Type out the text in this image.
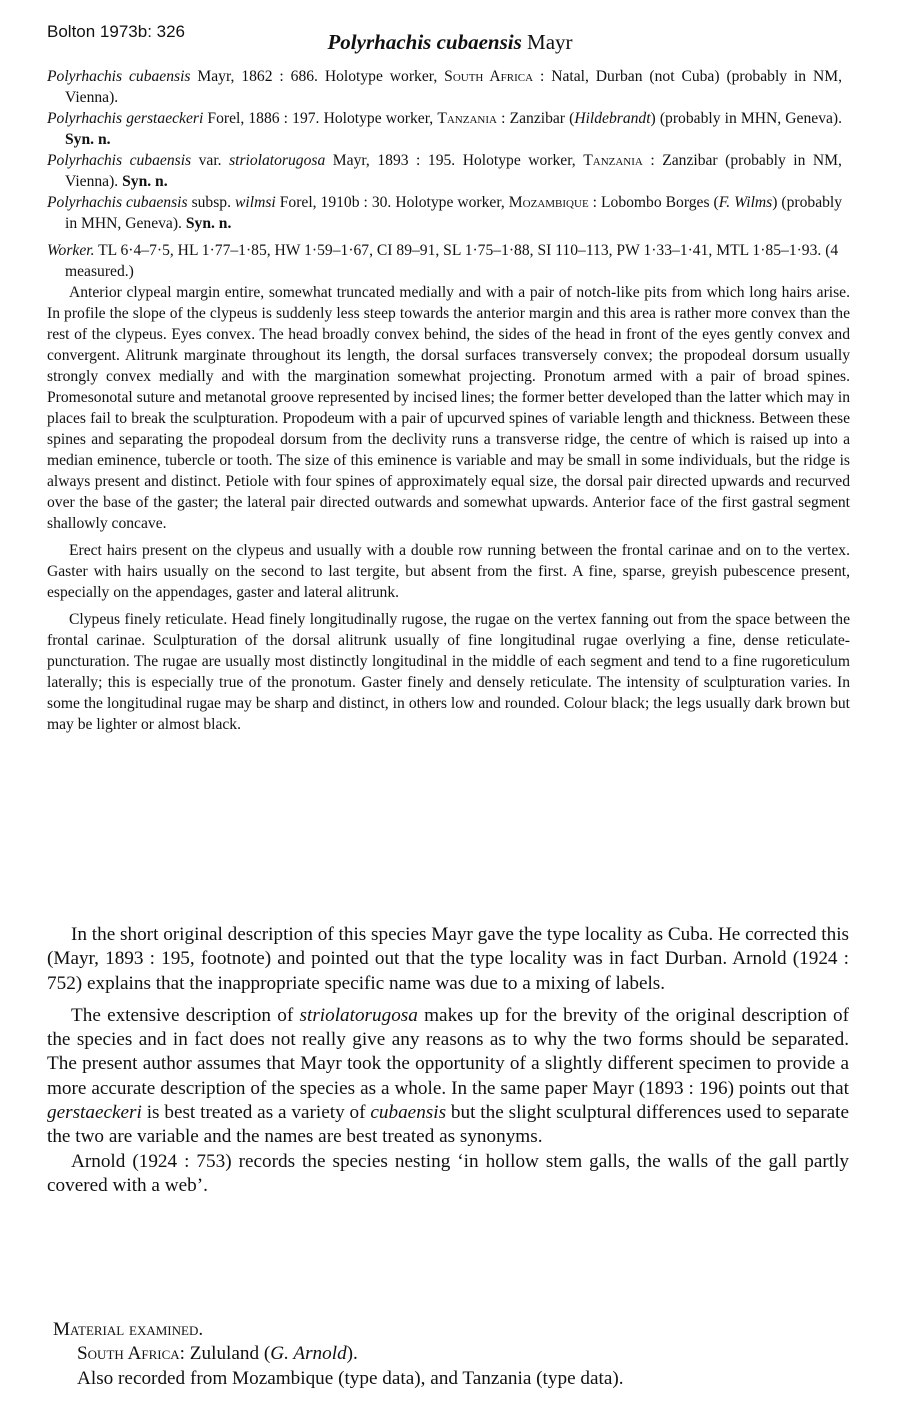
Bolton 1973b: 326	Polyrhachis cubaensis Mayr

Polyrhachis cubaensis Mayr, 1862 : 686. Holotype worker, South Africa : Natal, Durban (not Cuba) (probably in NM, Vienna).

Polyrhachis gerstaeckeri Forel, 1886 : 197. Holotype worker, Tanzania : Zanzibar (Hildebrandt) (probably in MHN, Geneva). Syn. n.

Polyrhachis cubaensis var. striolatorugosa Mayr, 1893 : 195. Holotype worker, Tanzania : Zanzibar (probably in NM, Vienna). Syn. n.

Polyrhachis cubaensis subsp. wilmsi Forel, 1910b : 30. Holotype worker, Mozambique : Lobombo Borges (F. Wilms) (probably in MHN, Geneva). Syn. n.

Worker. TL 6·4–7·5, HL 1·77–1·85, HW 1·59–1·67, CI 89–91, SL 1·75–1·88, SI 110–113, PW 1·33–1·41, MTL 1·85–1·93. (4 measured.)

Anterior clypeal margin entire, somewhat truncated medially and with a pair of notch-like pits from which long hairs arise. In profile the slope of the clypeus is suddenly less steep towards the anterior margin and this area is rather more convex than the rest of the clypeus. Eyes convex. The head broadly convex behind, the sides of the head in front of the eyes gently convex and convergent. Alitrunk marginate throughout its length, the dorsal surfaces transversely convex; the propodeal dorsum usually strongly convex medially and with the margination somewhat projecting. Pronotum armed with a pair of broad spines. Promesonotal suture and metanotal groove represented by incised lines; the former better developed than the latter which may in places fail to break the sculpturation. Propodeum with a pair of upcurved spines of variable length and thickness. Between these spines and separating the propodeal dorsum from the declivity runs a transverse ridge, the centre of which is raised up into a median eminence, tubercle or tooth. The size of this eminence is variable and may be small in some individuals, but the ridge is always present and distinct. Petiole with four spines of approximately equal size, the dorsal pair directed upwards and recurved over the base of the gaster; the lateral pair directed outwards and somewhat upwards. Anterior face of the first gastral segment shallowly concave.

Erect hairs present on the clypeus and usually with a double row running between the frontal carinae and on to the vertex. Gaster with hairs usually on the second to last tergite, but absent from the first. A fine, sparse, greyish pubescence present, especially on the appendages, gaster and lateral alitrunk.

Clypeus finely reticulate. Head finely longitudinally rugose, the rugae on the vertex fanning out from the space between the frontal carinae. Sculpturation of the dorsal alitrunk usually of fine longitudinal rugae overlying a fine, dense reticulate-puncturation. The rugae are usually most distinctly longitudinal in the middle of each segment and tend to a fine rugoreticulum laterally; this is especially true of the pronotum. Gaster finely and densely reticulate. The intensity of sculpturation varies. In some the longitudinal rugae may be sharp and distinct, in others low and rounded. Colour black; the legs usually dark brown but may be lighter or almost black.

In the short original description of this species Mayr gave the type locality as Cuba. He corrected this (Mayr, 1893 : 195, footnote) and pointed out that the type locality was in fact Durban. Arnold (1924 : 752) explains that the inappropriate specific name was due to a mixing of labels.

The extensive description of striolatorugosa makes up for the brevity of the original description of the species and in fact does not really give any reasons as to why the two forms should be separated. The present author assumes that Mayr took the opportunity of a slightly different specimen to provide a more accurate description of the species as a whole. In the same paper Mayr (1893 : 196) points out that gerstaeckeri is best treated as a variety of cubaensis but the slight sculptural differences used to separate the two are variable and the names are best treated as synonyms.

Arnold (1924 : 753) records the species nesting ‘in hollow stem galls, the walls of the gall partly covered with a web’.

Material examined.

South Africa: Zululand (G. Arnold).

Also recorded from Mozambique (type data), and Tanzania (type data).
